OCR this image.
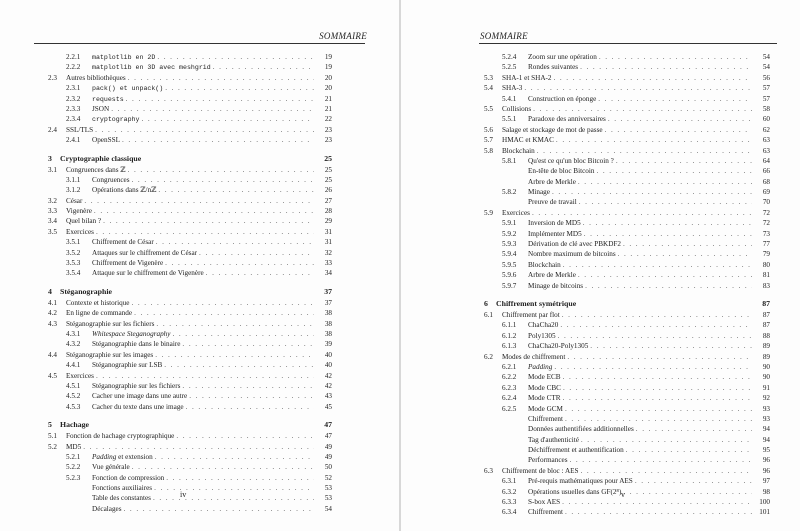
SOMMAIRE
2.2.1	matplotlib en 2D . . .	19
2.2.2	matplotlib en 3D avec meshgrid . . .	19
2.3	Autres bibliothèques . . .	20
2.3.1	pack() et unpack() . . .	20
2.3.2	requests . . .	21
2.3.3	JSON . . .	21
2.3.4	cryptography . . .	22
2.4	SSL/TLS . . .	23
2.4.1	OpenSSL . . .	23
3	Cryptographie classique	25
3.1	Congruences dans ℤ . . .	25
3.1.1	Congruences . . .	25
3.1.2	Opérations dans ℤ/nℤ . . .	26
3.2	César . . .	27
3.3	Vigenère . . .	28
3.4	Quel bilan ? . . .	29
3.5	Exercices . . .	31
3.5.1	Chiffrement de César . . .	31
3.5.2	Attaques sur le chiffrement de César . . .	32
3.5.3	Chiffrement de Vigenère . . .	33
3.5.4	Attaque sur le chiffrement de Vigenère . . .	34
4	Stéganographie	37
4.1	Contexte et historique . . .	37
4.2	En ligne de commande . . .	38
4.3	Stéganographie sur les fichiers . . .	38
4.3.1	Whitespace Steganography . . .	38
4.3.2	Stéganographie dans le binaire . . .	39
4.4	Stéganographie sur les images . . .	40
4.4.1	Stéganographie sur LSB . . .	40
4.5	Exercices . . .	42
4.5.1	Stéganographie sur les fichiers . . .	42
4.5.2	Cacher une image dans une autre . . .	43
4.5.3	Cacher du texte dans une image . . .	45
5	Hachage	47
5.1	Fonction de hachage cryptographique . . .	47
5.2	MD5 . . .	49
5.2.1	Padding et extension . . .	49
5.2.2	Vue générale . . .	50
5.2.3	Fonction de compression . . .	52
Fonctions auxiliaires . . .	53
Table des constantes . . .	53
Décalages . . .	54
iv
SOMMAIRE
5.2.4	Zoom sur une opération . . .	54
5.2.5	Rondes suivantes . . .	54
5.3	SHA-1 et SHA-2 . . .	56
5.4	SHA-3 . . .	57
5.4.1	Construction en éponge . . .	57
5.5	Collisions . . .	58
5.5.1	Paradoxe des anniversaires . . .	60
5.6	Salage et stockage de mot de passe . . .	62
5.7	HMAC et KMAC . . .	63
5.8	Blockchain . . .	63
5.8.1	Qu'est ce qu'un bloc Bitcoin ? . . .	64
En-tête de bloc Bitcoin . . .	66
Arbre de Merkle . . .	68
5.8.2	Minage . . .	69
Preuve de travail . . .	70
5.9	Exercices . . .	72
5.9.1	Inversion de MD5 . . .	72
5.9.2	Implémenter MD5 . . .	73
5.9.3	Dérivation de clé avec PBKDF2 . . .	77
5.9.4	Nombre maximum de bitcoins . . .	79
5.9.5	Blockchain . . .	80
5.9.6	Arbre de Merkle . . .	81
5.9.7	Minage de bitcoins . . .	83
6	Chiffrement symétrique	87
6.1	Chiffrement par flot . . .	87
6.1.1	ChaCha20 . . .	87
6.1.2	Poly1305 . . .	88
6.1.3	ChaCha20-Poly1305 . . .	89
6.2	Modes de chiffrement . . .	89
6.2.1	Padding . . .	90
6.2.2	Mode ECB . . .	90
6.2.3	Mode CBC . . .	91
6.2.4	Mode CTR . . .	92
6.2.5	Mode GCM . . .	93
Chiffrement . . .	93
Données authentifiées additionnelles . . .	94
Tag d'authenticité . . .	94
Déchiffrement et authentification . . .	95
Performances . . .	96
6.3	Chiffrement de bloc : AES . . .	96
6.3.1	Pré-requis mathématiques pour AES . . .	97
6.3.2	Opérations usuelles dans GF(2⁸) . . .	98
6.3.3	S-box AES . . .	100
6.3.4	Chiffrement . . .	101
v
